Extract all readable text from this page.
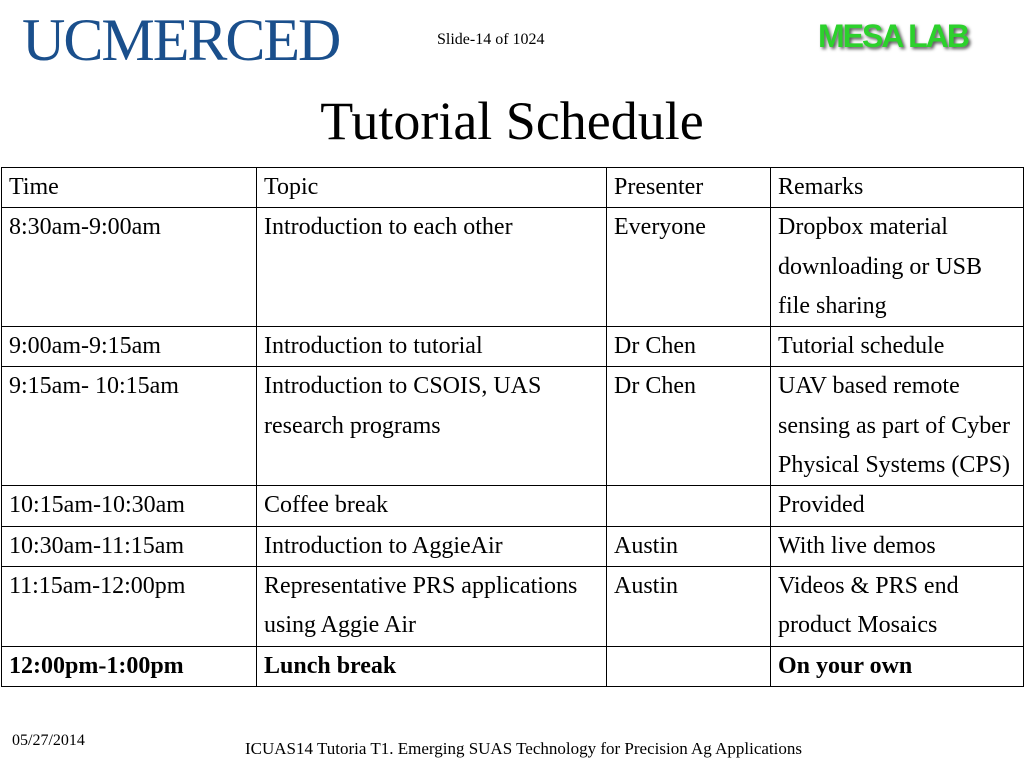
UCMERCED	Slide-14 of 1024	MESA LAB
Tutorial Schedule
Time	Topic	Presenter	Remarks
8:30am-9:00am	Introduction to each other	Everyone	Dropbox material downloading or USB file sharing
9:00am-9:15am	Introduction to tutorial	Dr Chen	Tutorial schedule
9:15am- 10:15am	Introduction to CSOIS, UAS research programs	Dr Chen	UAV based remote sensing as part of Cyber Physical Systems (CPS)
10:15am-10:30am	Coffee break		Provided
10:30am-11:15am	Introduction to AggieAir	Austin	With live demos
11:15am-12:00pm	Representative PRS applications using Aggie Air	Austin	Videos & PRS end product Mosaics
12:00pm-1:00pm	Lunch break		On your own
05/27/2014	ICUAS14 Tutoria T1. Emerging SUAS Technology for Precision Ag Applications
